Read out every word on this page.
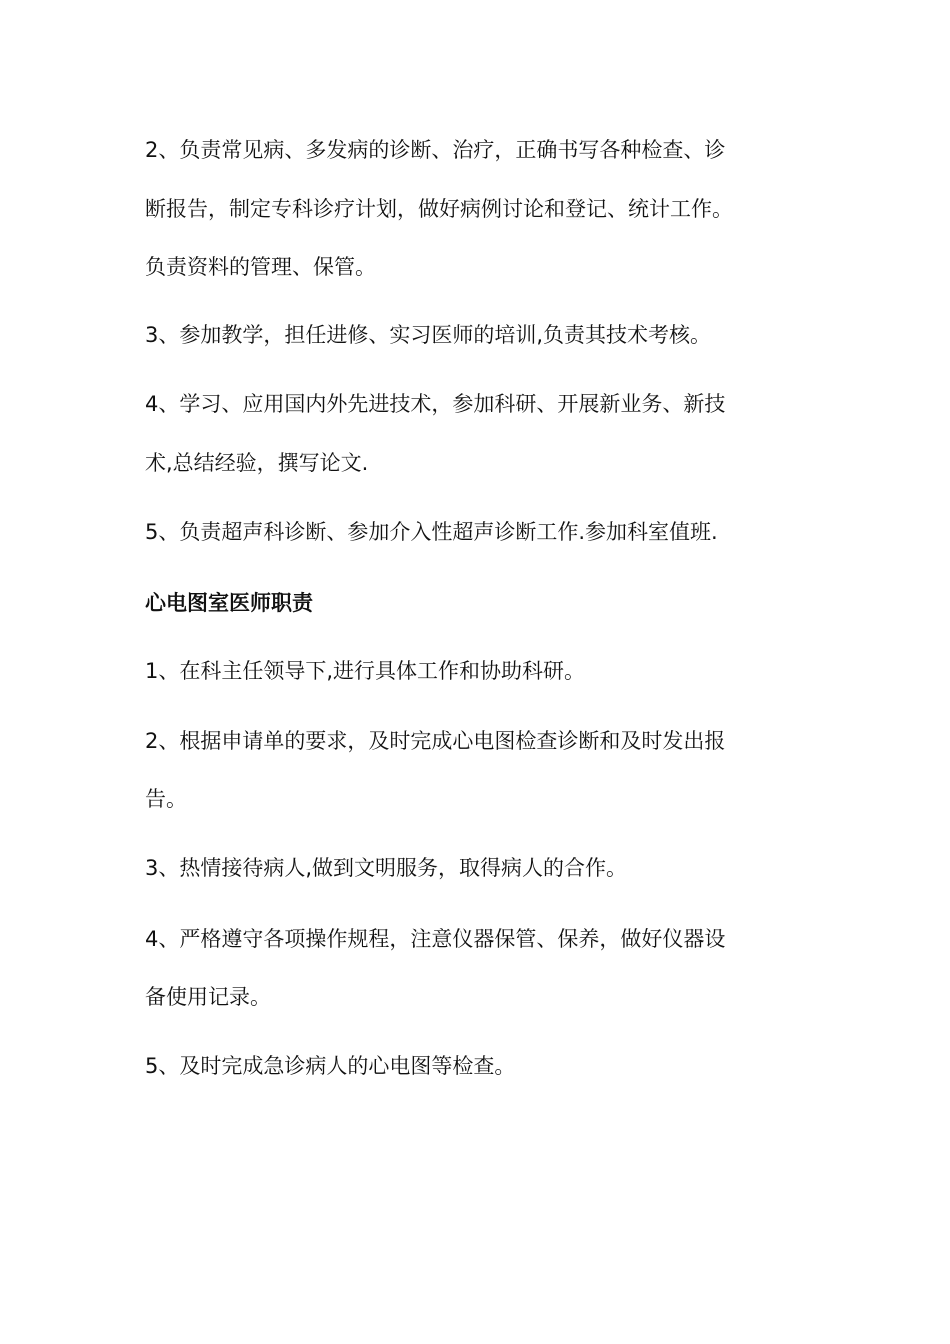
2、负责常见病、多发病的诊断、治疗，正确书写各种检查、诊
断报告，制定专科诊疗计划，做好病例讨论和登记、统计工作。
负责资料的管理、保管。
3、参加教学，担任进修、实习医师的培训,负责其技术考核。
4、学习、应用国内外先进技术，参加科研、开展新业务、新技
术,总结经验，撰写论文.
5、负责超声科诊断、参加介入性超声诊断工作.参加科室值班.
心电图室医师职责
1、在科主任领导下,进行具体工作和协助科研。
2、根据申请单的要求，及时完成心电图检查诊断和及时发出报
告。
3、热情接待病人,做到文明服务，取得病人的合作。
4、严格遵守各项操作规程，注意仪器保管、保养，做好仪器设
备使用记录。
5、及时完成急诊病人的心电图等检查。
